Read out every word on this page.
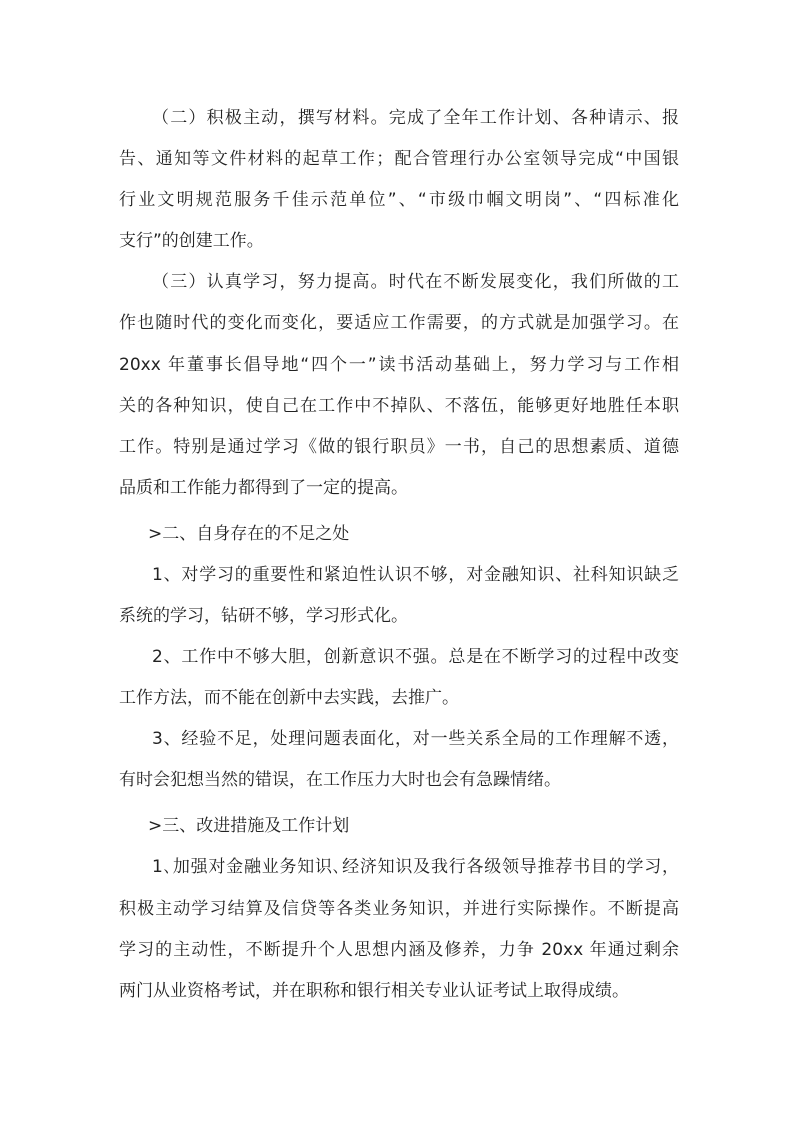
（二）积极主动，撰写材料。完成了全年工作计划、各种请示、报
告、通知等文件材料的起草工作；配合管理行办公室领导完成“中国银
行业文明规范服务千佳示范单位”、“市级巾帼文明岗”、“四标准化
支行”的创建工作。
（三）认真学习，努力提高。时代在不断发展变化，我们所做的工
作也随时代的变化而变化，要适应工作需要，的方式就是加强学习。在
20xx 年董事长倡导地“四个一”读书活动基础上，努力学习与工作相
关的各种知识，使自己在工作中不掉队、不落伍，能够更好地胜任本职
工作。特别是通过学习《做的银行职员》一书，自己的思想素质、道德
品质和工作能力都得到了一定的提高。
>二、自身存在的不足之处
1、对学习的重要性和紧迫性认识不够，对金融知识、社科知识缺乏
系统的学习，钻研不够，学习形式化。
2、工作中不够大胆，创新意识不强。总是在不断学习的过程中改变
工作方法，而不能在创新中去实践，去推广。
3、经验不足，处理问题表面化，对一些关系全局的工作理解不透，
有时会犯想当然的错误，在工作压力大时也会有急躁情绪。
>三、改进措施及工作计划
1､加强对金融业务知识､经济知识及我行各级领导推荐书目的学习，
积极主动学习结算及信贷等各类业务知识，并进行实际操作。不断提高
学习的主动性，不断提升个人思想内涵及修养，力争 20xx 年通过剩余
两门从业资格考试，并在职称和银行相关专业认证考试上取得成绩。
